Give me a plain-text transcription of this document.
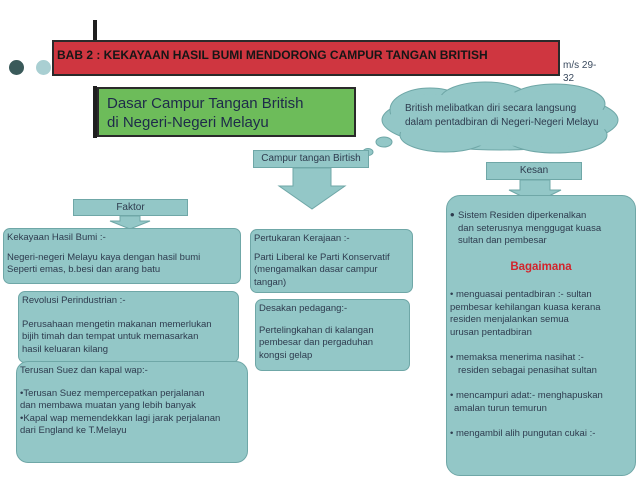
BAB 2 : KEKAYAAN HASIL BUMI MENDORONG CAMPUR TANGAN BRITISH
m/s 29-32
Dasar Campur Tangan British
di Negeri-Negeri Melayu
British melibatkan diri secara langsung
dalam pentadbiran di Negeri-Negeri Melayu
Campur tangan Birtish
Kesan
Faktor

Kekayaan Hasil Bumi :-

Negeri-negeri Melayu kaya dengan hasil bumi

Seperti emas, b.besi dan arang batu

Revolusi Perindustrian :-

Perusahaan mengetin makanan memerlukan

bijih timah dan tempat untuk memasarkan

hasil keluaran kilang

Terusan Suez dan kapal wap:-

•Terusan Suez mempercepatkan perjalanan

dan membawa muatan yang lebih banyak

•Kapal wap memendekkan lagi jarak perjalanan

dari England ke T.Melayu

Pertukaran Kerajaan :-

Parti Liberal ke Parti Konservatif

(mengamalkan dasar campur

tangan)

Desakan pedagang:-

Pertelingkahan di kalangan

pembesar dan pergaduhan

kongsi gelap

• Sistem Residen diperkenalkan

dan seterusnya menggugat kuasa

sultan dan pembesar

Bagaimana

• menguasai pentadbiran :- sultan

pembesar kehilangan kuasa kerana

residen menjalankan semua

urusan pentadbiran

• memaksa menerima nasihat :-

residen sebagai penasihat sultan

• mencampuri adat:- menghapuskan

amalan turun temurun

• mengambil alih pungutan cukai :-
